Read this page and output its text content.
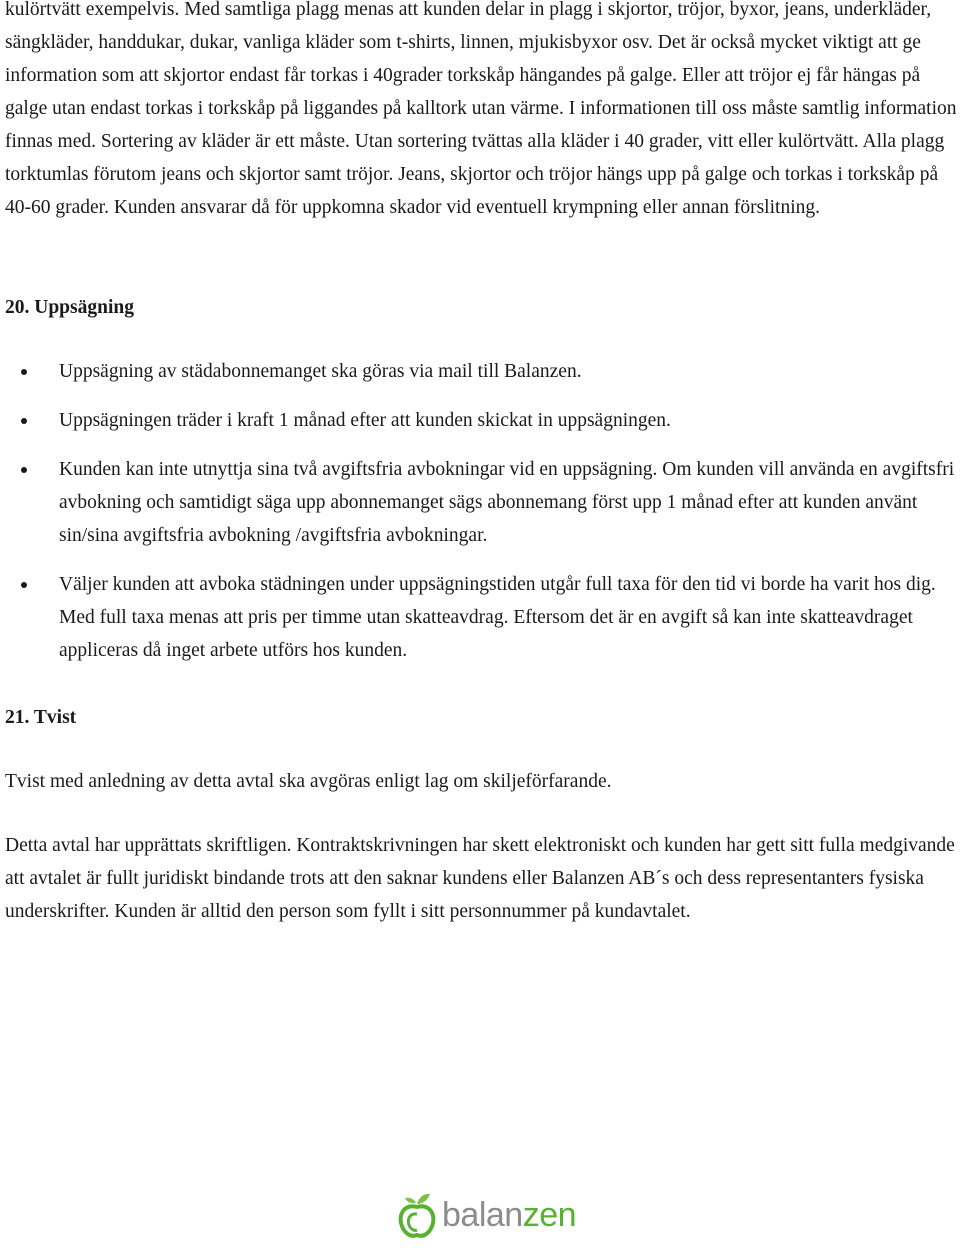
kulörtvätt exempelvis. Med samtliga plagg menas att kunden delar in plagg i skjortor, tröjor, byxor, jeans, underkläder, sängkläder, handdukar, dukar, vanliga kläder som t-shirts, linnen, mjukisbyxor osv. Det är också mycket viktigt att ge information som att skjortor endast får torkas i 40grader torkskåp hängandes på galge. Eller att tröjor ej får hängas på galge utan endast torkas i torkskåp på liggandes på kalltork utan värme. I informationen till oss måste samtlig information finnas med. Sortering av kläder är ett måste. Utan sortering tvättas alla kläder i 40 grader, vitt eller kulörtvätt. Alla plagg torktumlas förutom jeans och skjortor samt tröjor. Jeans, skjortor och tröjor hängs upp på galge och torkas i torkskåp på 40-60 grader. Kunden ansvarar då för uppkomna skador vid eventuell krympning eller annan förslitning.

20. Uppsägning
Uppsägning av städabonnemanget ska göras via mail till Balanzen.
Uppsägningen träder i kraft 1 månad efter att kunden skickat in uppsägningen.
Kunden kan inte utnyttja sina två avgiftsfria avbokningar vid en uppsägning. Om kunden vill använda en avgiftsfri avbokning och samtidigt säga upp abonnemanget sägs abonnemang först upp 1 månad efter att kunden använt sin/sina avgiftsfria avbokning /avgiftsfria avbokningar.
Väljer kunden att avboka städningen under uppsägningstiden utgår full taxa för den tid vi borde ha varit hos dig. Med full taxa menas att pris per timme utan skatteavdrag. Eftersom det är en avgift så kan inte skatteavdraget appliceras då inget arbete utförs hos kunden.
21. Tvist

Tvist med anledning av detta avtal ska avgöras enligt lag om skiljeförfarande.

Detta avtal har upprättats skriftligen. Kontraktskrivningen har skett elektroniskt och kunden har gett sitt fulla medgivande att avtalet är fullt juridiskt bindande trots att den saknar kundens eller Balanzen AB´s och dess representanters fysiska underskrifter. Kunden är alltid den person som fyllt i sitt personnummer på kundavtalet.

balanzen
